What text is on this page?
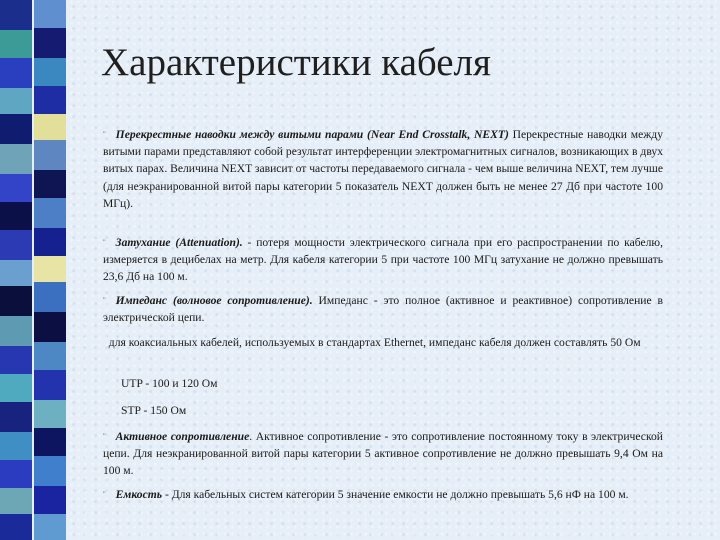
Характеристики кабеля

¨ Перекрестные наводки между витыми парами (Near End Crosstalk, NEXT) Перекрестные наводки между витыми парами представляют собой результат интерференции электромагнитных сигналов, возникающих в двух витых парах. Величина NEXT зависит от частоты передаваемого сигнала - чем выше величина NEXT, тем лучше (для неэкранированной витой пары категории 5 показатель NEXT должен быть не менее 27 Дб при частоте 100 МГц).

¨ Затухание (Attenuation). - потеря мощности электрического сигнала при его распространении по кабелю, измеряется в децибелах на метр. Для кабеля категории 5 при частоте 100 МГц затухание не должно превышать 23,6 Дб на 100 м.

¨ Импеданс (волновое сопротивление). Импеданс - это полное (активное и реактивное) сопротивление в электрической цепи.

для коаксиальных кабелей, используемых в стандартах Ethernet, импеданс кабеля должен составлять 50 Ом

UTP - 100 и 120 Ом

STP - 150 Ом

¨ Активное сопротивление. Активное сопротивление - это сопротивление постоянному току в электрической цепи. Для неэкранированной витой пары категории 5 активное сопротивление не должно превышать 9,4 Ом на 100 м.

¨ Емкость - Для кабельных систем категории 5 значение емкости не должно превышать 5,6 нФ на 100 м.
